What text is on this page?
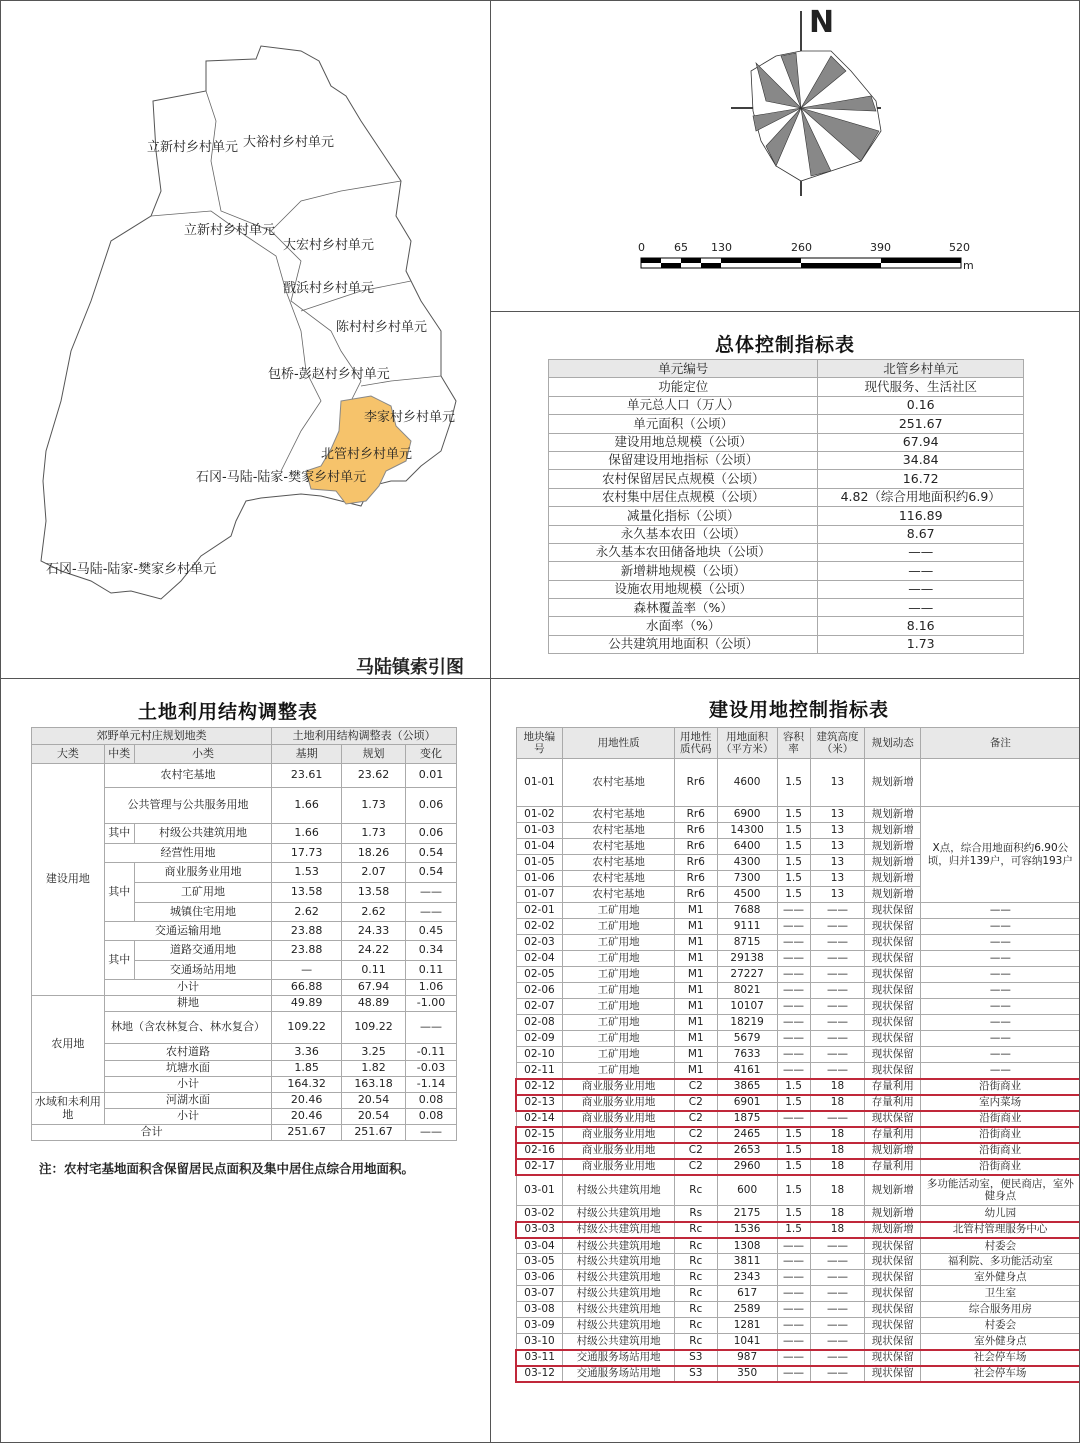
立新村乡村单元 大裕村乡村单元
立新村乡村单元
大宏村乡村单元
戬浜村乡村单元
陈村村乡村单元
包桥-彭赵村乡村单元
李家村乡村单元
北管村乡村单元
石冈-马陆-陆家-樊家乡村单元
石冈-马陆-陆家-樊家乡村单元
马陆镇索引图
N
0	65 130	260	390	520
m
总体控制指标表
单元编号	北管乡村单元
功能定位	现代服务、生活社区
单元总人口（万人）	0.16
单元面积（公顷）	251.67
建设用地总规模（公顷）	67.94
保留建设用地指标（公顷）	34.84
农村保留居民点规模（公顷）	16.72
农村集中居住点规模（公顷）	4.82（综合用地面积约6.9）
减量化指标（公顷）	116.89
永久基本农田（公顷）	8.67
永久基本农田储备地块（公顷）	——
新增耕地规模（公顷）	——
设施农用地规模（公顷）	——
森林覆盖率（%）	——
水面率（%）	8.16
公共建筑用地面积（公顷）	1.73
土地利用结构调整表
郊野单元村庄规划地类			土地利用结构调整表（公顷）		
大类	中类	小类	基期	规划	变化
建设用地	农村宅基地		23.61	23.62	0.01
	公共管理与公共服务用地		1.66	1.73	0.06
	其中	村级公共建筑用地	1.66	1.73	0.06
	经营性用地		17.73	18.26	0.54
	其中	商业服务业用地	1.53	2.07	0.54
		工矿用地	13.58	13.58	——
		城镇住宅用地	2.62	2.62	——
	交通运输用地		23.88	24.33	0.45
	其中	道路交通用地	23.88	24.22	0.34
		交通场站用地	—	0.11	0.11
	小计		66.88	67.94	1.06
农用地	耕地		49.89	48.89	-1.00
	林地（含农林复合、林水复合）		109.22	109.22	——
	农村道路		3.36	3.25	-0.11
	坑塘水面		1.85	1.82	-0.03
	小计		164.32	163.18	-1.14
水域和未利用地	河湖水面		20.46	20.54	0.08
	小计		20.46	20.54	0.08
合计			251.67	251.67	——
注：农村宅基地面积含保留居民点面积及集中居住点综合用地面积。
建设用地控制指标表
地块编号	用地性质	用地性质代码	用地面积（平方米）	容积率	建筑高度（米）	规划动态	备注
01-01	农村宅基地	Rr6	4600	1.5	13	规划新增	
01-02	农村宅基地	Rr6	6900	1.5	13	规划新增	X点，综合用地面积约6.90公顷，归并139户，可容纳193户
01-03	农村宅基地	Rr6	14300	1.5	13	规划新增	
01-04	农村宅基地	Rr6	6400	1.5	13	规划新增	
01-05	农村宅基地	Rr6	4300	1.5	13	规划新增	
01-06	农村宅基地	Rr6	7300	1.5	13	规划新增	
01-07	农村宅基地	Rr6	4500	1.5	13	规划新增	
02-01	工矿用地	M1	7688	——	——	现状保留	——
02-02	工矿用地	M1	9111	——	——	现状保留	——
02-03	工矿用地	M1	8715	——	——	现状保留	——
02-04	工矿用地	M1	29138	——	——	现状保留	——
02-05	工矿用地	M1	27227	——	——	现状保留	——
02-06	工矿用地	M1	8021	——	——	现状保留	——
02-07	工矿用地	M1	10107	——	——	现状保留	——
02-08	工矿用地	M1	18219	——	——	现状保留	——
02-09	工矿用地	M1	5679	——	——	现状保留	——
02-10	工矿用地	M1	7633	——	——	现状保留	——
02-11	工矿用地	M1	4161	——	——	现状保留	——
02-12	商业服务业用地	C2	3865	1.5	18	存量利用	沿街商业
02-13	商业服务业用地	C2	6901	1.5	18	存量利用	室内菜场
02-14	商业服务业用地	C2	1875	——	——	现状保留	沿街商业
02-15	商业服务业用地	C2	2465	1.5	18	存量利用	沿街商业
02-16	商业服务业用地	C2	2653	1.5	18	规划新增	沿街商业
02-17	商业服务业用地	C2	2960	1.5	18	存量利用	沿街商业
03-01	村级公共建筑用地	Rc	600	1.5	18	规划新增	多功能活动室，便民商店，室外健身点
03-02	村级公共建筑用地	Rs	2175	1.5	18	规划新增	幼儿园
03-03	村级公共建筑用地	Rc	1536	1.5	18	规划新增	北管村管理服务中心
03-04	村级公共建筑用地	Rc	1308	——	——	现状保留	村委会
03-05	村级公共建筑用地	Rc	3811	——	——	现状保留	福利院、多功能活动室
03-06	村级公共建筑用地	Rc	2343	——	——	现状保留	室外健身点
03-07	村级公共建筑用地	Rc	617	——	——	现状保留	卫生室
03-08	村级公共建筑用地	Rc	2589	——	——	现状保留	综合服务用房
03-09	村级公共建筑用地	Rc	1281	——	——	现状保留	村委会
03-10	村级公共建筑用地	Rc	1041	——	——	现状保留	室外健身点
03-11	交通服务场站用地	S3	987	——	——	现状保留	社会停车场
03-12	交通服务场站用地	S3	350	——	——	现状保留	社会停车场
